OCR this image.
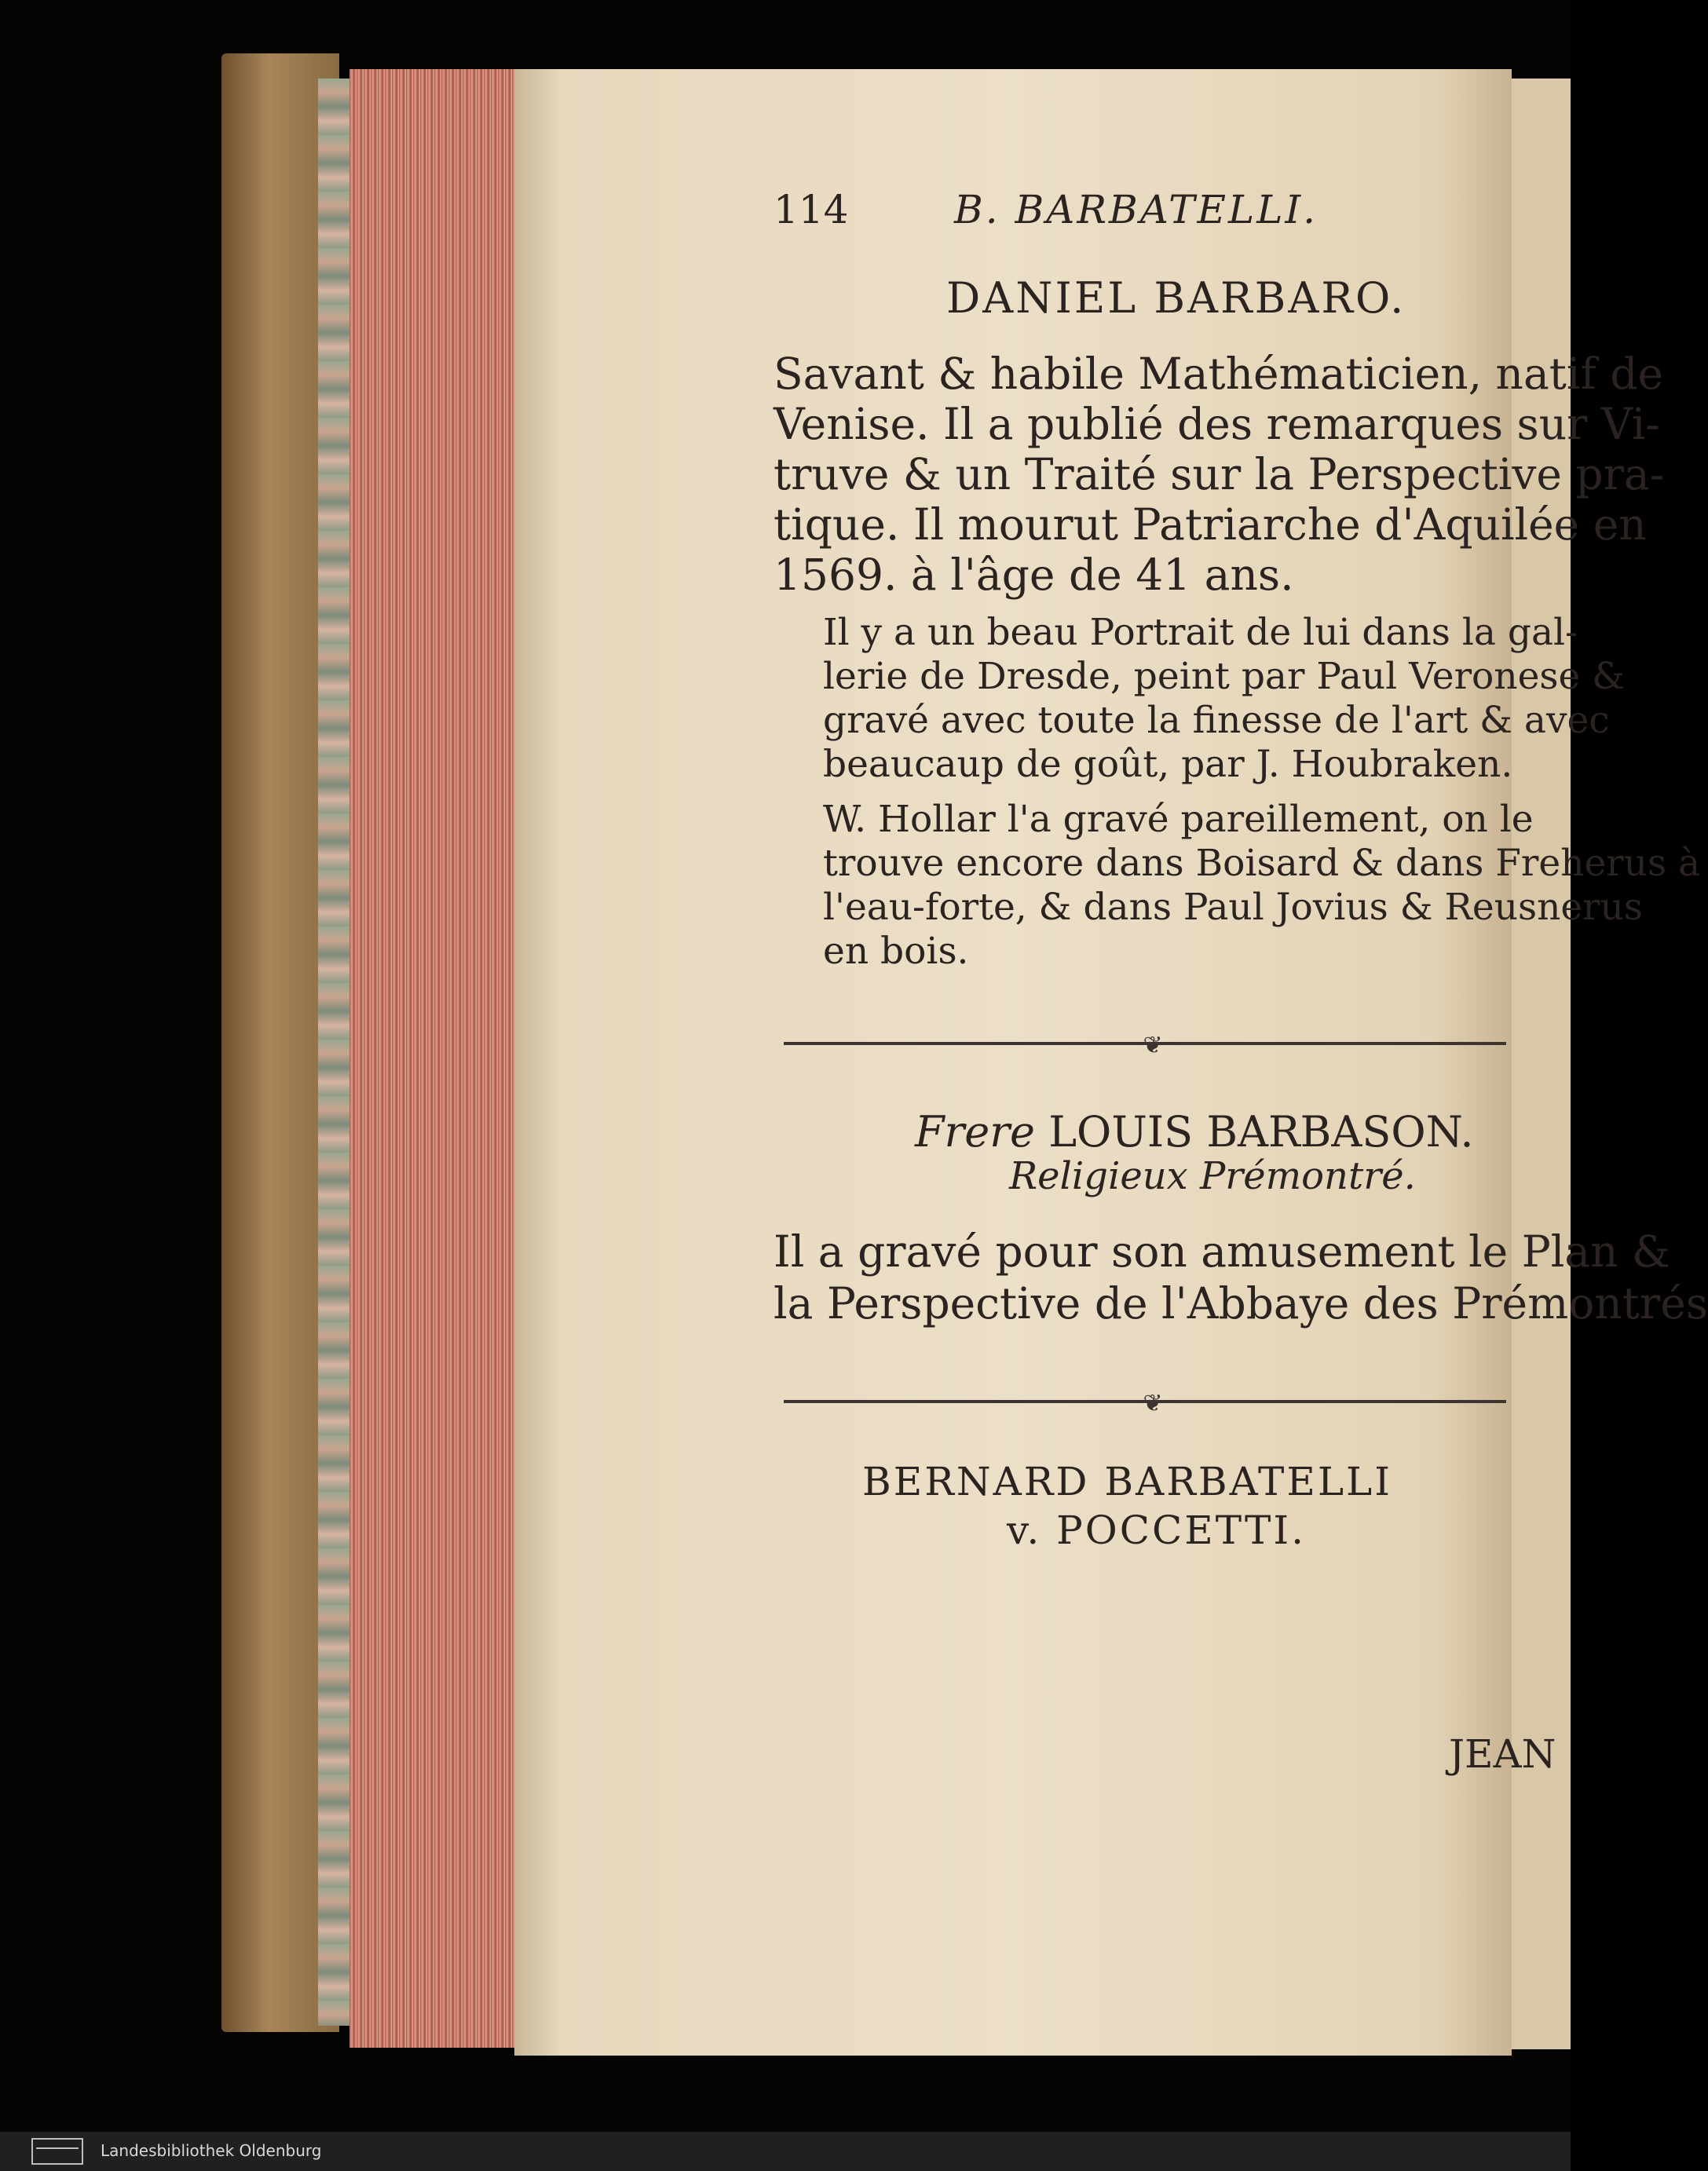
114	B. BARBATELLI.
DANIEL BARBARO.
Savant & habile Mathématicien, natif de
Venise. Il a publié des remarques sur Vi-
truve & un Traité sur la Perspective pra-
tique. Il mourut Patriarche d'Aquilée en
1569. à l'âge de 41 ans.
Il y a un beau Portrait de lui dans la gal-
lerie de Dresde, peint par Paul Veronese &
gravé avec toute la finesse de l'art & avec
beaucaup de goût, par J. Houbraken.
W. Hollar l'a gravé pareillement, on le
trouve encore dans Boisard & dans Freherus à
l'eau-forte, & dans Paul Jovius & Reusnerus
en bois.
❦
Frere LOUIS BARBASON.
Religieux Prémontré.
Il a gravé pour son amusement le Plan &
la Perspective de l'Abbaye des Prémontrés
❦
BERNARD BARBATELLI
v. POCCETTI.
JEAN
Landesbibliothek Oldenburg
